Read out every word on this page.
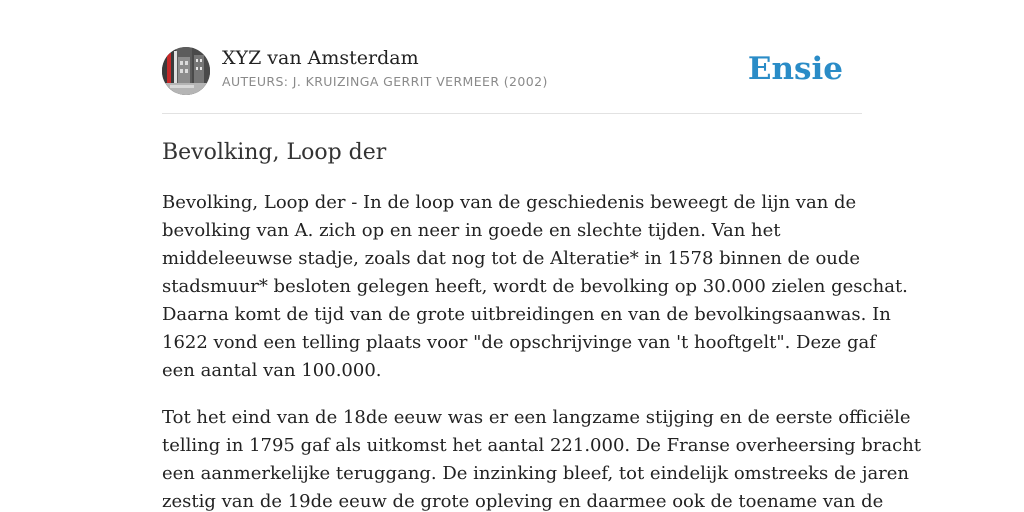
XYZ van Amsterdam
AUTEURS: J. KRUIZINGA GERRIT VERMEER (2002)	Ensie
Bevolking, Loop der

Bevolking, Loop der - In de loop van de geschiedenis beweegt de lijn van de
bevolking van A. zich op en neer in goede en slechte tijden. Van het
middeleeuwse stadje, zoals dat nog tot de Alteratie* in 1578 binnen de oude
stadsmuur* besloten gelegen heeft, wordt de bevolking op 30.000 zielen geschat.
Daarna komt de tijd van de grote uitbreidingen en van de bevolkingsaanwas. In
1622 vond een telling plaats voor "de opschrijvinge van 't hooftgelt". Deze gaf
een aantal van 100.000.

Tot het eind van de 18de eeuw was er een langzame stijging en de eerste officiële
telling in 1795 gaf als uitkomst het aantal 221.000. De Franse overheersing bracht
een aanmerkelijke teruggang. De inzinking bleef, tot eindelijk omstreeks de jaren
zestig van de 19de eeuw de grote opleving en daarmee ook de toename van de
